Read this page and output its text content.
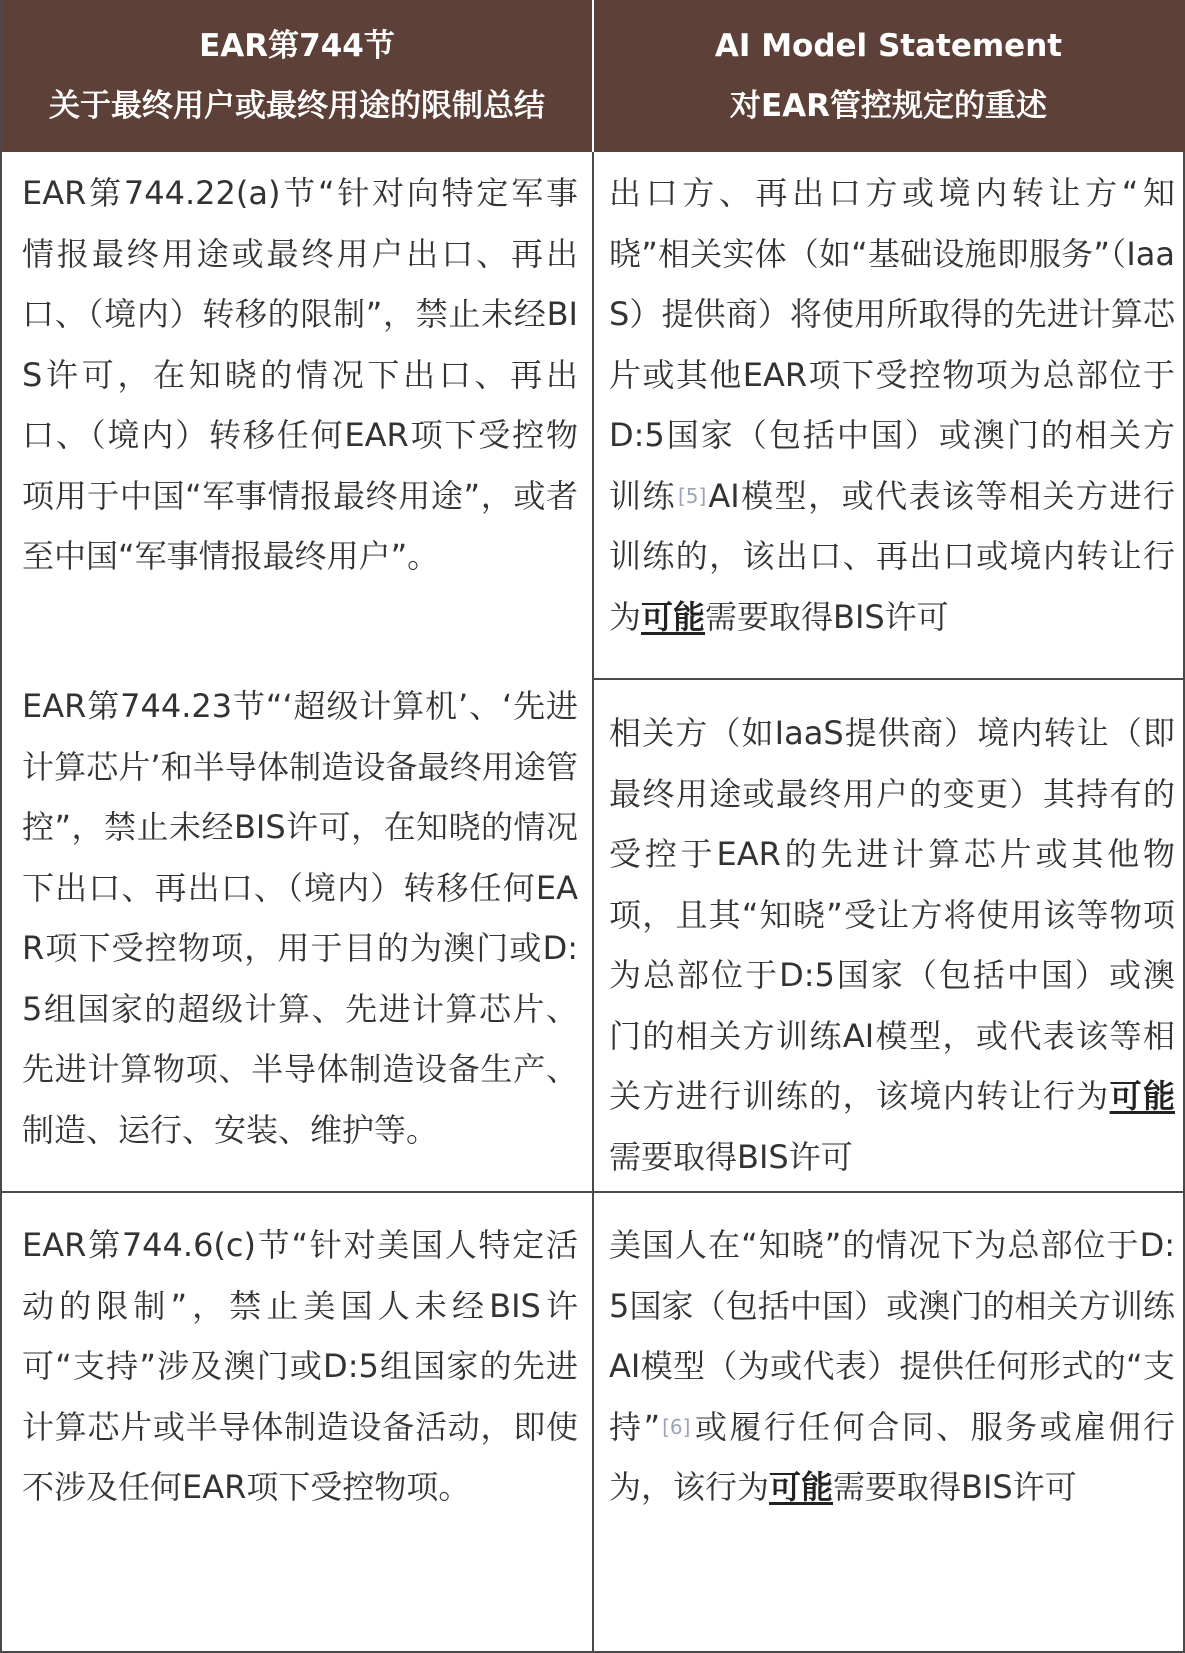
EAR第744节
关于最终用户或最终用途的限制总结
AI Model Statement
对EAR管控规定的重述
EAR第744.22(a)节“针对向特定军事情报最终用途或最终用户出口、再出口、（境内）转移的限制”，禁止未经BIS许可，在知晓的情况下出口、再出口、（境内）转移任何EAR项下受控物项用于中国“军事情报最终用途”，或者至中国“军事情报最终用户”。
出口方、再出口方或境内转让方“知晓”相关实体（如“基础设施即服务”（IaaS）提供商）将使用所取得的先进计算芯片或其他EAR项下受控物项为总部位于D:5国家（包括中国）或澳门的相关方训练 [5]AI模型，或代表该等相关方进行训练的，该出口、再出口或境内转让行为可能需要取得BIS许可
EAR第744.23节“‘超级计算机’、‘先进计算芯片’和半导体制造设备最终用途管控”，禁止未经BIS许可，在知晓的情况下出口、再出口、（境内）转移任何EAR项下受控物项，用于目的为澳门或D:5组国家的超级计算、先进计算芯片、先进计算物项、半导体制造设备生产、制造、运行、安装、维护等。
相关方（如IaaS提供商）境内转让（即最终用途或最终用户的变更）其持有的受控于EAR的先进计算芯片或其他物项，且其“知晓”受让方将使用该等物项为总部位于D:5国家（包括中国）或澳门的相关方训练AI模型，或代表该等相关方进行训练的，该境内转让行为可能需要取得BIS许可
EAR第744.6(c)节“针对美国人特定活动的限制”，禁止美国人未经BIS许可“支持”涉及澳门或D:5组国家的先进计算芯片或半导体制造设备活动，即使不涉及任何EAR项下受控物项。
美国人在“知晓”的情况下为总部位于D:5国家（包括中国）或澳门的相关方训练AI模型（为或代表）提供任何形式的“支持” [6]或履行任何合同、服务或雇佣行为，该行为可能需要取得BIS许可
